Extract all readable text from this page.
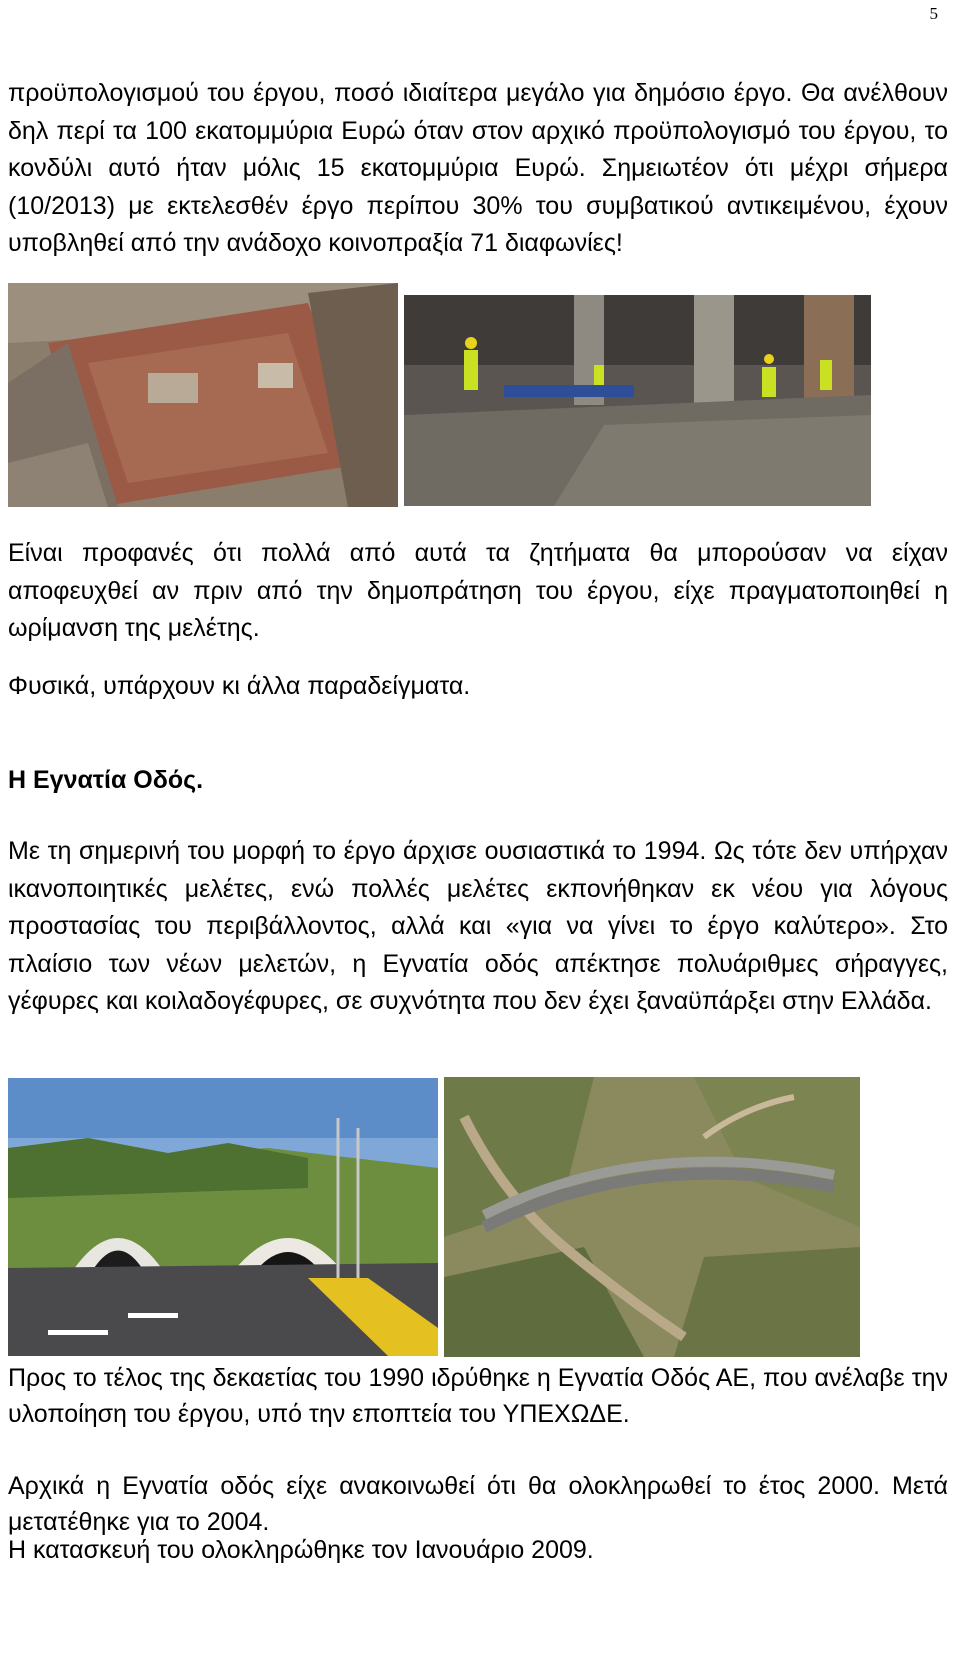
5

προϋπολογισμού του έργου, ποσό ιδιαίτερα μεγάλο για δημόσιο έργο. Θα ανέλθουν δηλ περί τα 100 εκατομμύρια Ευρώ όταν στον αρχικό προϋπολογισμό του έργου, το κονδύλι αυτό ήταν μόλις 15 εκατομμύρια Ευρώ. Σημειωτέον ότι μέχρι σήμερα (10/2013) με εκτελεσθέν έργο περίπου 30% του συμβατικού αντικειμένου, έχουν υποβληθεί από την ανάδοχο κοινοπραξία 71 διαφωνίες!

Είναι προφανές ότι πολλά από αυτά τα ζητήματα θα μπορούσαν να είχαν αποφευχθεί αν πριν από την δημοπράτηση του έργου, είχε πραγματοποιηθεί η ωρίμανση της μελέτης.

Φυσικά, υπάρχουν κι άλλα παραδείγματα.

Η Εγνατία Οδός.

Με τη σημερινή του μορφή το έργο άρχισε ουσιαστικά το 1994. Ως τότε δεν υπήρχαν ικανοποιητικές μελέτες, ενώ πολλές μελέτες εκπονήθηκαν εκ νέου για λόγους προστασίας του περιβάλλοντος, αλλά και «για να γίνει το έργο καλύτερο». Στο πλαίσιο των νέων μελετών, η Εγνατία οδός απέκτησε πολυάριθμες σήραγγες, γέφυρες και κοιλαδογέφυρες, σε συχνότητα που δεν έχει ξαναϋπάρξει στην Ελλάδα.

Προς το τέλος της δεκαετίας του 1990 ιδρύθηκε η Εγνατία Οδός ΑΕ, που ανέλαβε την υλοποίηση του έργου, υπό την εποπτεία του ΥΠΕΧΩΔΕ.

Αρχικά η Εγνατία οδός είχε ανακοινωθεί ότι θα ολοκληρωθεί το έτος 2000. Μετά μετατέθηκε για το 2004.

Η κατασκευή του ολοκληρώθηκε τον Ιανουάριο 2009.
